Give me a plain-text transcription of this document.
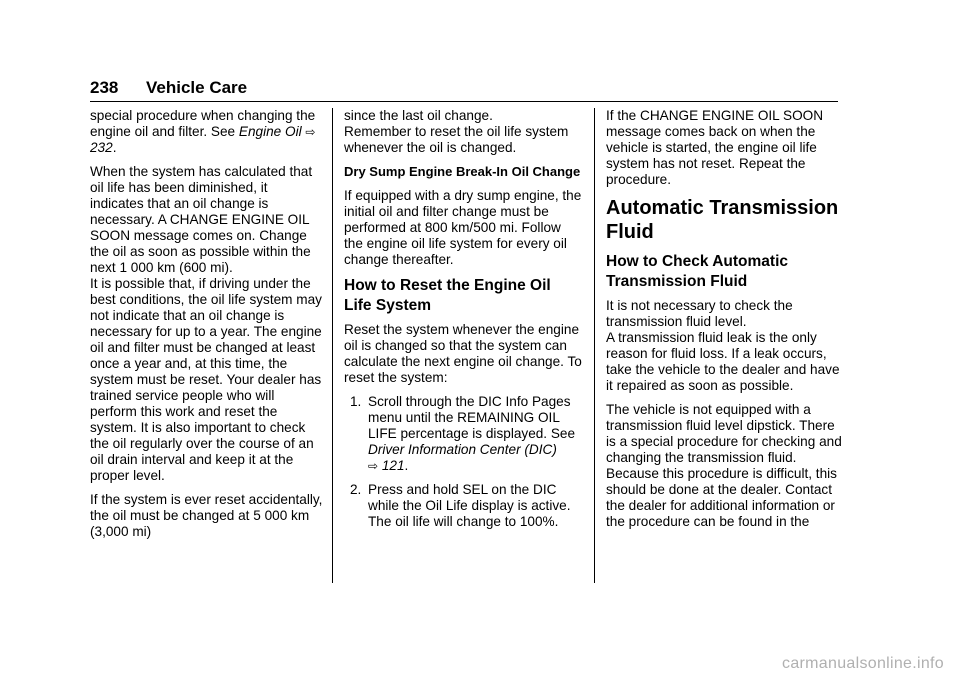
238 Vehicle Care

special procedure when changing the engine oil and filter. See Engine Oil ⇨ 232.

When the system has calculated that oil life has been diminished, it indicates that an oil change is necessary. A CHANGE ENGINE OIL SOON message comes on. Change the oil as soon as possible within the next 1 000 km (600 mi).

It is possible that, if driving under the best conditions, the oil life system may not indicate that an oil change is necessary for up to a year. The engine oil and filter must be changed at least once a year and, at this time, the system must be reset. Your dealer has trained service people who will perform this work and reset the system. It is also important to check the oil regularly over the course of an oil drain interval and keep it at the proper level.

If the system is ever reset accidentally, the oil must be changed at 5 000 km (3,000 mi)

since the last oil change.

Remember to reset the oil life system whenever the oil is changed.

Dry Sump Engine Break-In Oil Change

If equipped with a dry sump engine, the initial oil and filter change must be performed at 800 km/500 mi. Follow the engine oil life system for every oil change thereafter.

How to Reset the Engine Oil Life System

Reset the system whenever the engine oil is changed so that the system can calculate the next engine oil change. To reset the system:

1. Scroll through the DIC Info Pages menu until the REMAINING OIL LIFE percentage is displayed. See Driver Information Center (DIC)
⇨ 121.
2. Press and hold SEL on the DIC while the Oil Life display is active. The oil life will change to 100%.

If the CHANGE ENGINE OIL SOON message comes back on when the vehicle is started, the engine oil life system has not reset. Repeat the procedure.

Automatic Transmission Fluid
How to Check Automatic Transmission Fluid

It is not necessary to check the transmission fluid level.

A transmission fluid leak is the only reason for fluid loss. If a leak occurs, take the vehicle to the dealer and have it repaired as soon as possible.

The vehicle is not equipped with a transmission fluid level dipstick. There is a special procedure for checking and changing the transmission fluid. Because this procedure is difficult, this should be done at the dealer. Contact the dealer for additional information or the procedure can be found in the

carmanualsonline.info
